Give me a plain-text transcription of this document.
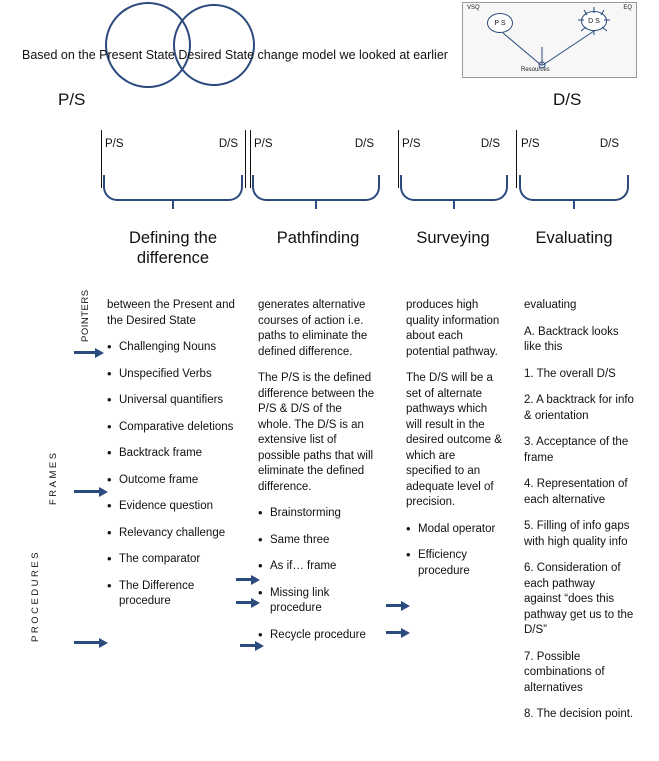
Based on the Present State Desired State change model we looked at earlier
P/S	D/S
VSQ	EQ
P S	D S
Resources
P/S	D/S
Defining the
difference
P/S	D/S
Pathfinding
P/S	D/S
Surveying
P/S	D/S
Evaluating
POINTERS
FRAMES
PROCEDURES

between the Present and the Desired State

• Challenging Nouns
• Unspecified Verbs
• Universal quantifiers
• Comparative deletions
• Backtrack frame
• Outcome frame
• Evidence question
• Relevancy challenge
• The comparator
• The Difference procedure

generates alternative courses of action i.e. paths to eliminate the defined difference.

The P/S is the defined difference between the P/S & D/S of the whole. The D/S is an extensive list of possible paths that will eliminate the defined difference.

• Brainstorming
• Same three
• As if… frame
• Missing link procedure
• Recycle procedure

produces high quality information about each potential pathway.

The D/S will be a set of alternate pathways which will result in the desired outcome & which are specified to an adequate level of precision.

• Modal operator
• Efficiency procedure

evaluating

A. Backtrack looks like this

1. The overall D/S

2. A backtrack for info & orientation

3. Acceptance of the frame

4. Representation of each alternative

5. Filling of info gaps with high quality info

6. Consideration of each pathway against “does this pathway get us to the D/S”

7. Possible combinations of alternatives

8. The decision point.
